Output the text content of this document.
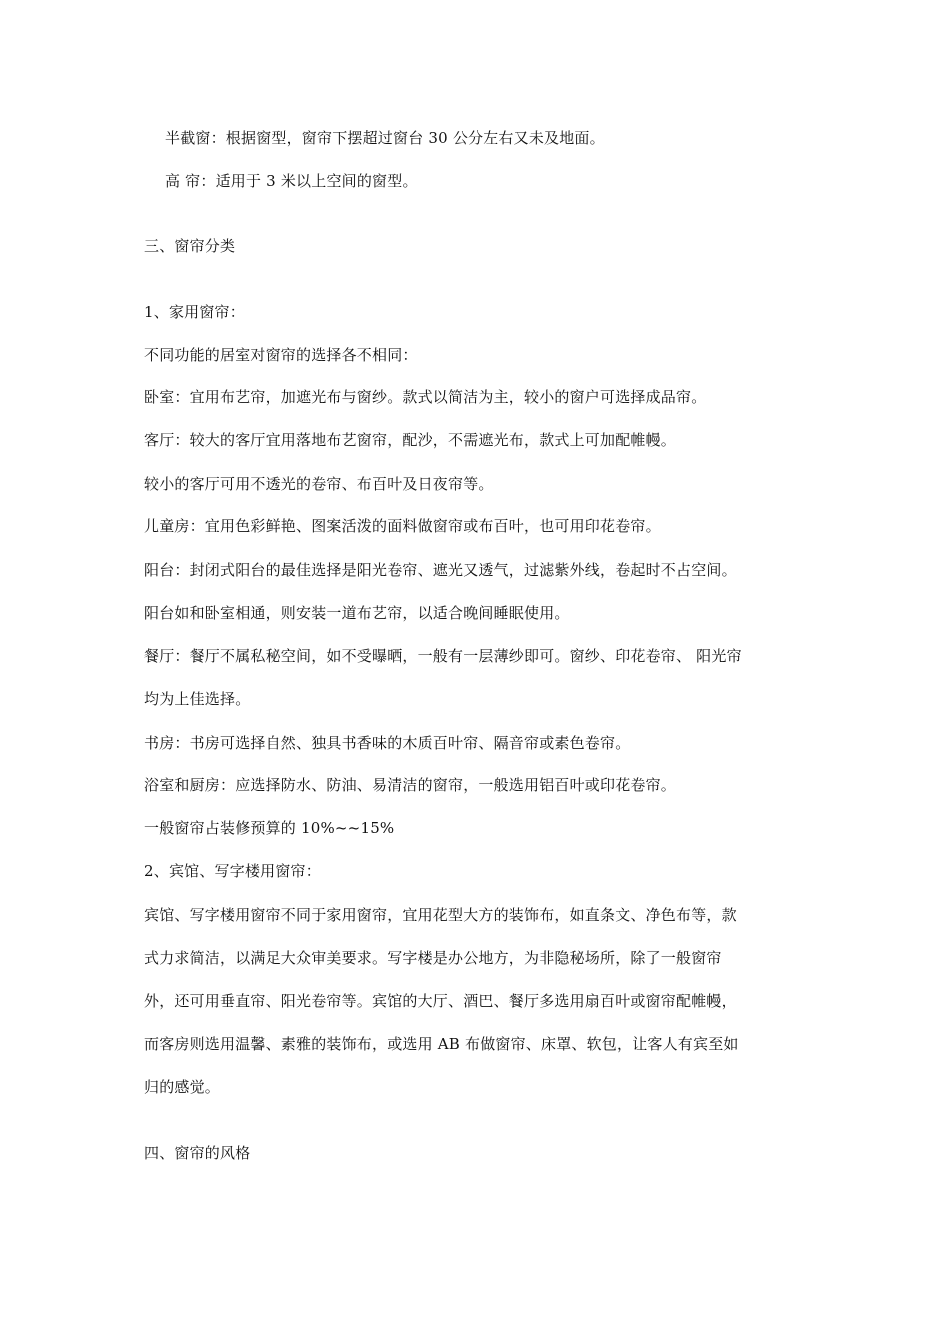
半截窗：根据窗型，窗帘下摆超过窗台 30 公分左右又未及地面。
高 帘：适用于 3 米以上空间的窗型。
三、窗帘分类
1、家用窗帘：
不同功能的居室对窗帘的选择各不相同：
卧室：宜用布艺帘，加遮光布与窗纱。款式以简洁为主，较小的窗户可选择成品帘。
客厅：较大的客厅宜用落地布艺窗帘，配沙，不需遮光布，款式上可加配帷幔。
较小的客厅可用不透光的卷帘、布百叶及日夜帘等。
儿童房：宜用色彩鲜艳、图案活泼的面料做窗帘或布百叶，也可用印花卷帘。
阳台：封闭式阳台的最佳选择是阳光卷帘、遮光又透气，过滤紫外线，卷起时不占空间。
阳台如和卧室相通，则安装一道布艺帘，以适合晚间睡眠使用。
餐厅：餐厅不属私秘空间，如不受曝晒，一般有一层薄纱即可。窗纱、印花卷帘、 阳光帘
均为上佳选择。
书房：书房可选择自然、独具书香味的木质百叶帘、隔音帘或素色卷帘。
浴室和厨房：应选择防水、防油、易清洁的窗帘，一般选用铝百叶或印花卷帘。
一般窗帘占装修预算的 10%~~15%
2、宾馆、写字楼用窗帘：
宾馆、写字楼用窗帘不同于家用窗帘，宜用花型大方的装饰布，如直条文、净色布等，款
式力求简洁，以满足大众审美要求。写字楼是办公地方，为非隐秘场所，除了一般窗帘
外，还可用垂直帘、阳光卷帘等。宾馆的大厅、酒巴、餐厅多选用扇百叶或窗帘配帷幔，
而客房则选用温馨、素雅的装饰布，或选用 AB 布做窗帘、床罩、软包，让客人有宾至如
归的感觉。
四、窗帘的风格
